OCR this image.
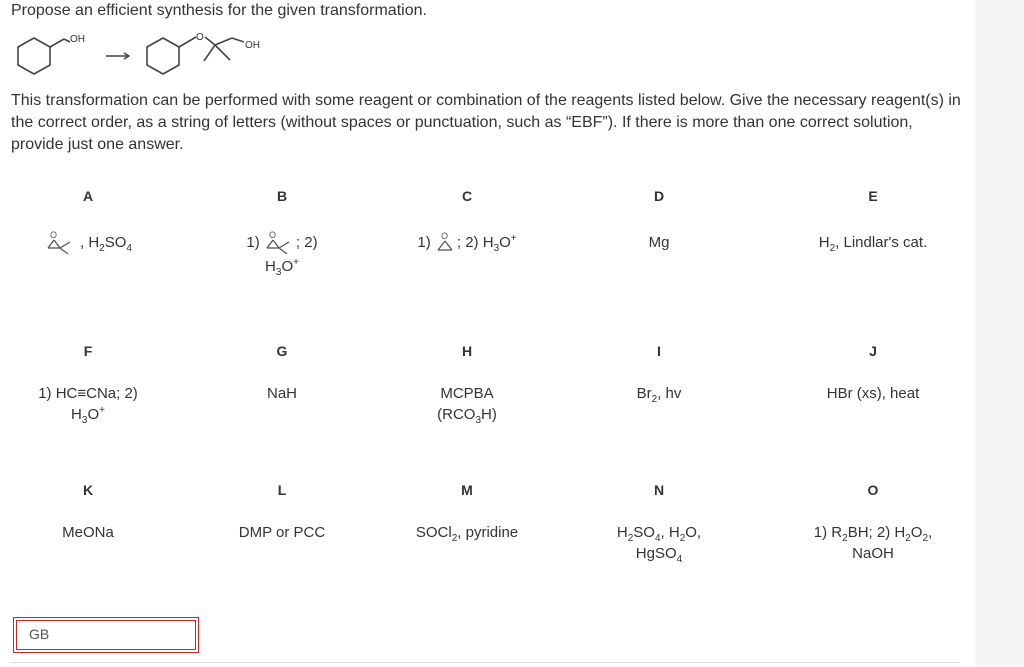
Propose an efficient synthesis for the given transformation.
OH	O
OH
This transformation can be performed with some reagent or combination of the reagents listed below. Give the necessary reagent(s) in the correct order, as a string of letters (without spaces or punctuation, such as “EBF”). If there is more than one correct solution, provide just one answer.
A
O , $H_2SO_4$
B
1) O ; 2)
$H_3O^+$
C
1) O ; 2) $H_3O^+$
D
Mg
E
$H_2$, Lindlar's cat.
F
1) HC≡CNa; 2)
$H_3O^+$
G
NaH
H
MCPBA
$(RCO_3H)$
I
$Br_2$, hv
J
HBr (xs), heat
K
MeONa
L
DMP or PCC
M
SOCl$_2$, pyridine
N
$H_2SO_4$, $H_2O$,
HgSO$_4$
O
1) $R_2BH$; 2) $H_2O_2$,
NaOH
GB
